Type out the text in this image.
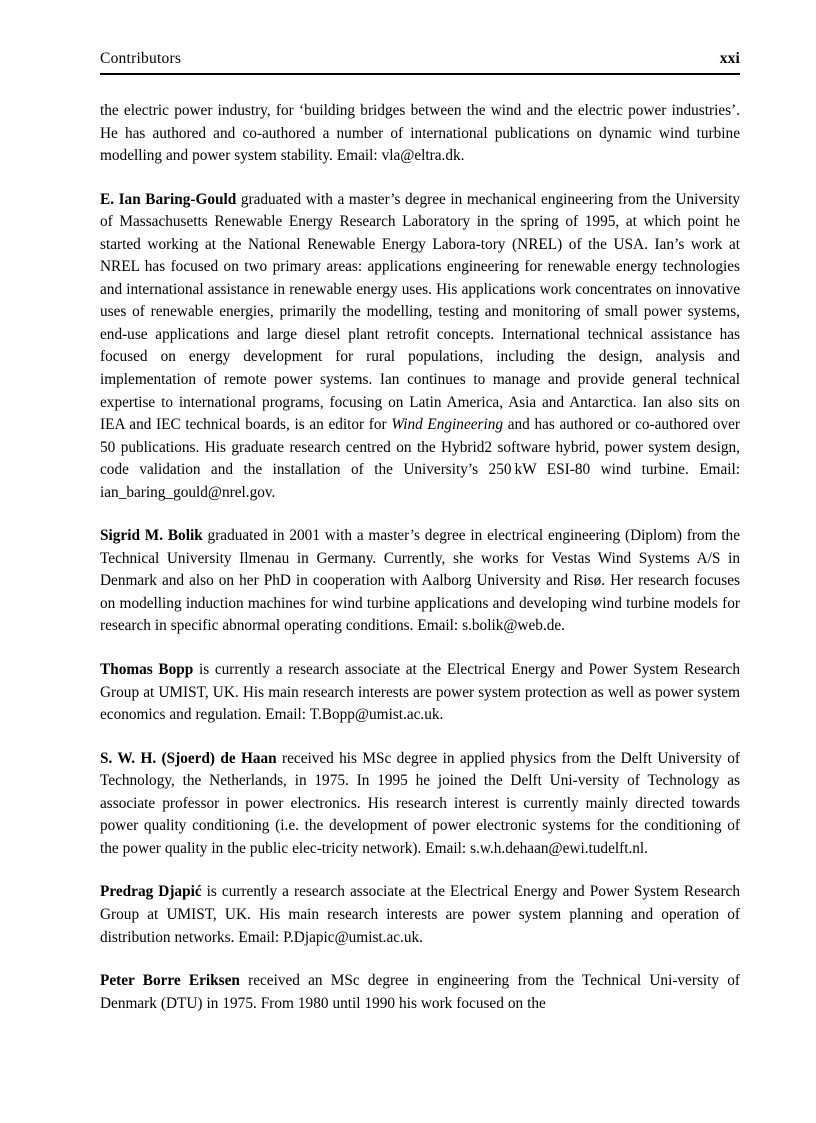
Contributors	xxi

the electric power industry, for ‘building bridges between the wind and the electric power industries’. He has authored and co-authored a number of international publications on dynamic wind turbine modelling and power system stability. Email: vla@eltra.dk.

E. Ian Baring-Gould graduated with a master’s degree in mechanical engineering from the University of Massachusetts Renewable Energy Research Laboratory in the spring of 1995, at which point he started working at the National Renewable Energy Labora-tory (NREL) of the USA. Ian’s work at NREL has focused on two primary areas: applications engineering for renewable energy technologies and international assistance in renewable energy uses. His applications work concentrates on innovative uses of renewable energies, primarily the modelling, testing and monitoring of small power systems, end-use applications and large diesel plant retrofit concepts. International technical assistance has focused on energy development for rural populations, including the design, analysis and implementation of remote power systems. Ian continues to manage and provide general technical expertise to international programs, focusing on Latin America, Asia and Antarctica. Ian also sits on IEA and IEC technical boards, is an editor for Wind Engineering and has authored or co-authored over 50 publications. His graduate research centred on the Hybrid2 software hybrid, power system design, code validation and the installation of the University’s 250 kW ESI-80 wind turbine. Email: ian_baring_gould@nrel.gov.

Sigrid M. Bolik graduated in 2001 with a master’s degree in electrical engineering (Diplom) from the Technical University Ilmenau in Germany. Currently, she works for Vestas Wind Systems A/S in Denmark and also on her PhD in cooperation with Aalborg University and Risø. Her research focuses on modelling induction machines for wind turbine applications and developing wind turbine models for research in specific abnormal operating conditions. Email: s.bolik@web.de.

Thomas Bopp is currently a research associate at the Electrical Energy and Power System Research Group at UMIST, UK. His main research interests are power system protection as well as power system economics and regulation. Email: T.Bopp@umist.ac.uk.

S. W. H. (Sjoerd) de Haan received his MSc degree in applied physics from the Delft University of Technology, the Netherlands, in 1975. In 1995 he joined the Delft Uni-versity of Technology as associate professor in power electronics. His research interest is currently mainly directed towards power quality conditioning (i.e. the development of power electronic systems for the conditioning of the power quality in the public elec-tricity network). Email: s.w.h.dehaan@ewi.tudelft.nl.

Predrag Djapić is currently a research associate at the Electrical Energy and Power System Research Group at UMIST, UK. His main research interests are power system planning and operation of distribution networks. Email: P.Djapic@umist.ac.uk.

Peter Borre Eriksen received an MSc degree in engineering from the Technical Uni-versity of Denmark (DTU) in 1975. From 1980 until 1990 his work focused on the
